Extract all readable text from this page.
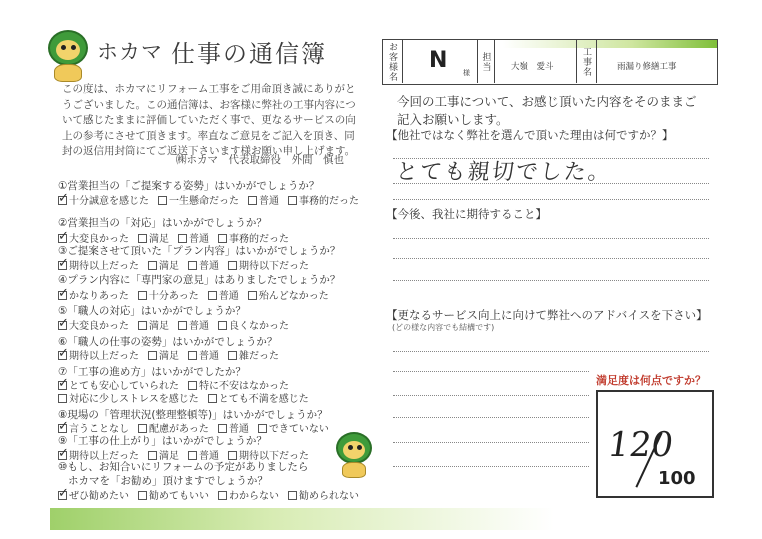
ホカマ 仕事の通信簿
この度は、ホカマにリフォーム工事をご用命頂き誠にありがとうございました。この通信簿は、お客様に弊社の工事内容について感じたままに評価していただく事で、更なるサービスの向上の参考にさせて頂きます。率直なご意見をご記入を頂き、同封の返信用封筒にてご返送下さいます様お願い申し上げます。
㈱ホカマ　代表取締役　外間　慎也
①営業担当の「ご提案する姿勢」はいかがでしょうか？
✓ 十分誠意を感じた 一生懸命だった 普通 事務的だった
②営業担当の「対応」はいかがでしょうか？
✓ 大変良かった 満足 普通 事務的だった
③ご提案させて頂いた「プラン内容」はいかがでしょうか？
✓ 期待以上だった 満足 普通 期待以下だった
④プラン内容に「専門家の意見」はありましたでしょうか？
✓ かなりあった 十分あった 普通 殆んどなかった
⑤「職人の対応」はいかがでしょうか？
✓ 大変良かった 満足 普通 良くなかった
⑥「職人の仕事の姿勢」はいかがでしょうか？
✓ 期待以上だった 満足 普通 雑だった
⑦「工事の進め方」はいかがでしたか？
✓ とても安心していられた 特に不安はなかった
対応に少しストレスを感じた とても不満を感じた
⑧現場の「管理状況(整理整頓等)」はいかがでしょうか？
✓ 言うことなし 配慮があった 普通 できていない
⑨「工事の仕上がり」はいかがでしょうか？
✓ 期待以上だった 満足 普通 期待以下だった
⑩もし、お知合いにリフォームの予定がありましたら
ホカマを「お勧め」頂けますでしょうか？
✓ ぜひ勧めたい 勧めてもいい わからない 勧められない
お客様名 N 様
担当	大嶺　愛斗	工事名	雨漏り修繕工事
今回の工事について、お感じ頂いた内容をそのままご記入お願いします。
【他社ではなく弊社を選んで頂いた理由は何ですか？】
とても親切でした。
【今後、我社に期待すること】
【更なるサービス向上に向けて弊社へのアドバイスを下さい】
(どの様な内容でも結構です)
満足度は何点ですか？
120
100
